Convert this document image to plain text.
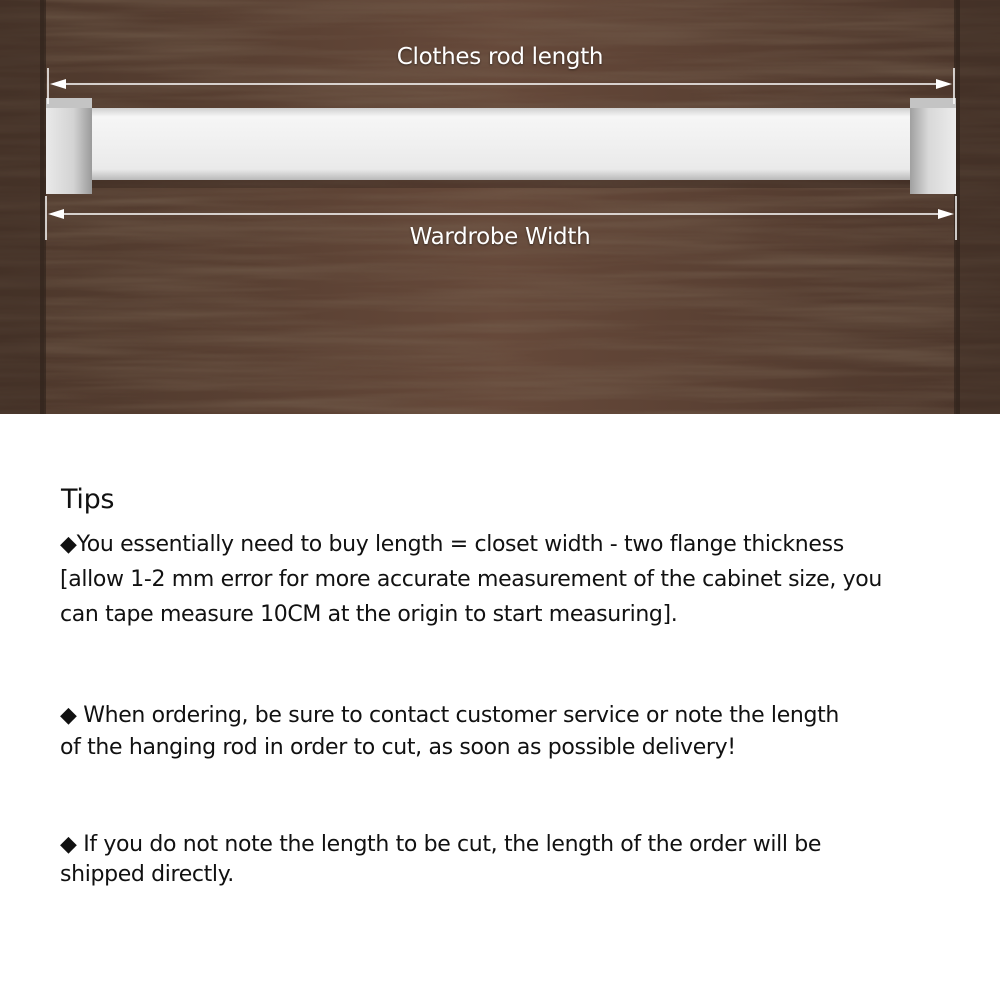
Clothes rod length
Wardrobe Width
Tips
◆You essentially need to buy length = closet width - two flange thickness
[allow 1-2 mm error for more accurate measurement of the cabinet size, you
can tape measure 10CM at the origin to start measuring].
◆ When ordering, be sure to contact customer service or note the length
of the hanging rod in order to cut, as soon as possible delivery!
◆ If you do not note the length to be cut, the length of the order will be
shipped directly.
